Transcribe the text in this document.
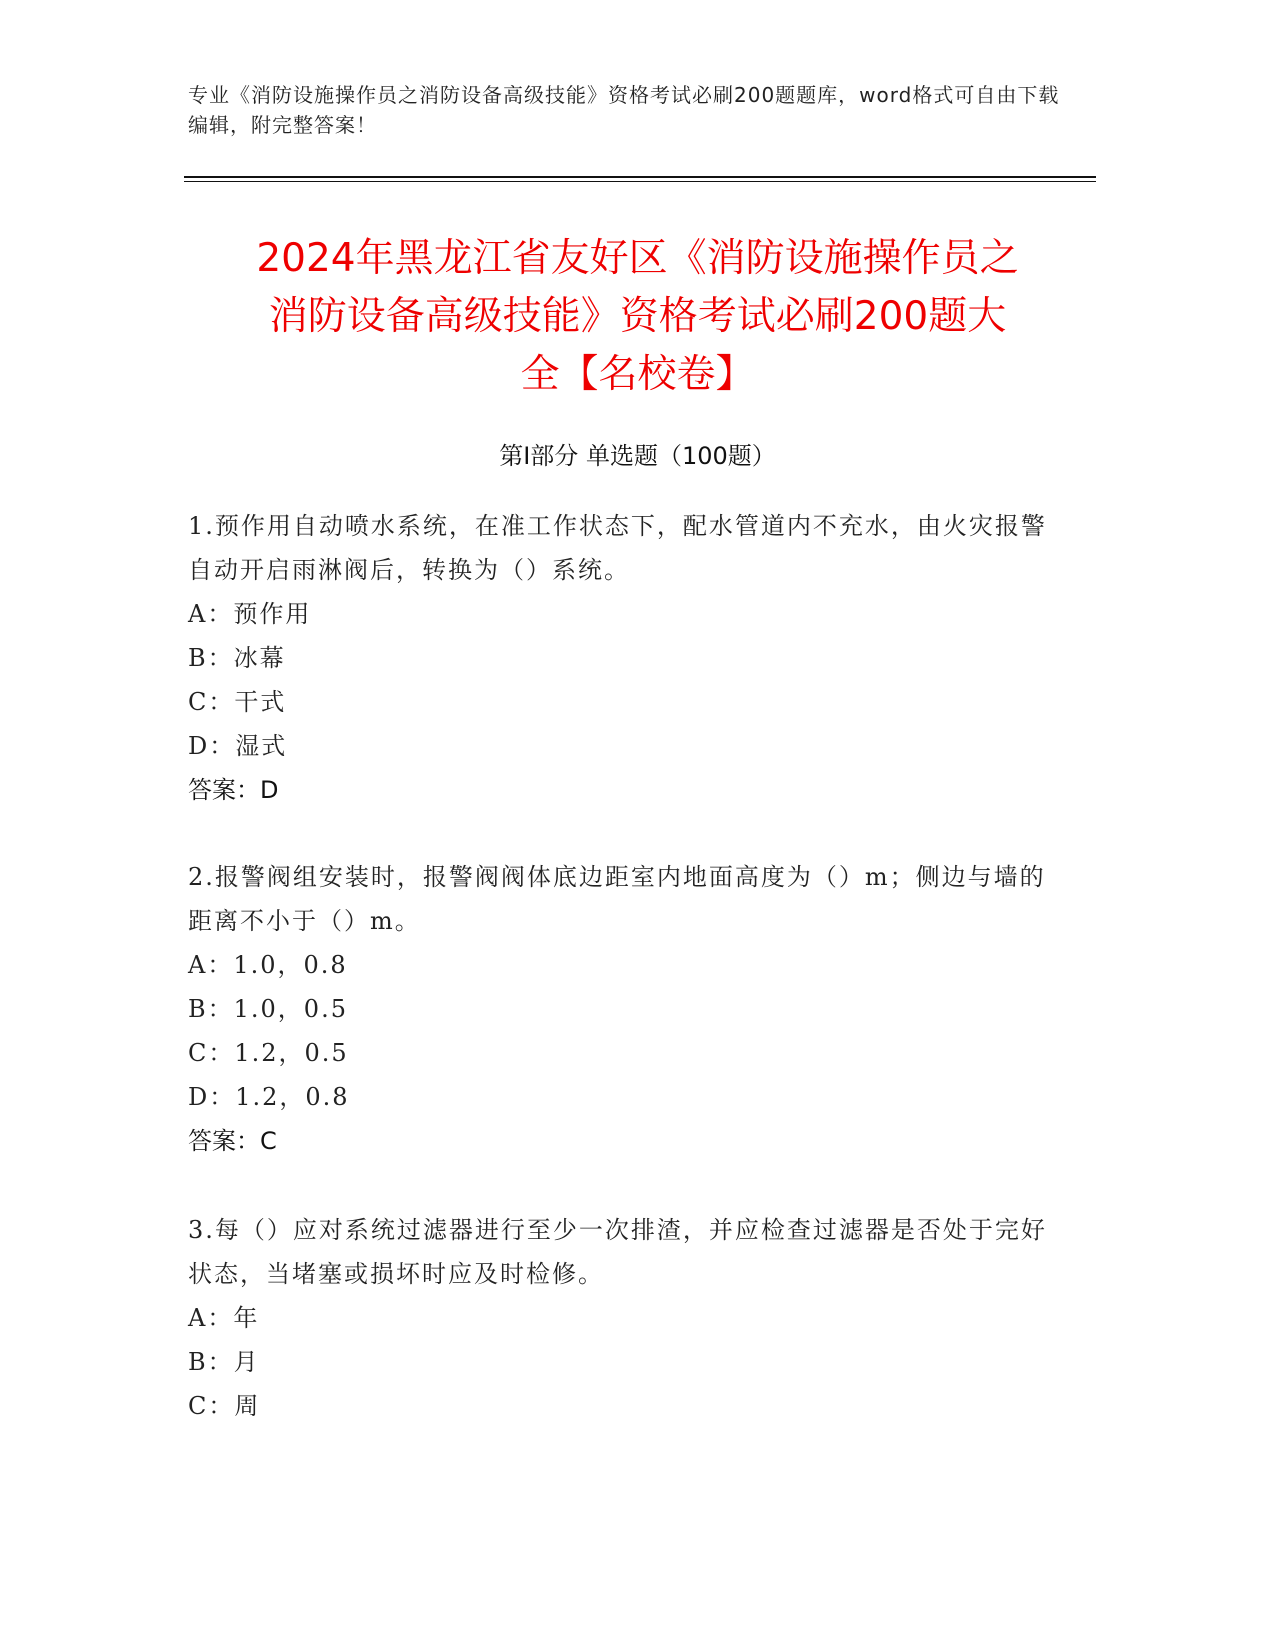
专业《消防设施操作员之消防设备高级技能》资格考试必刷200题题库，word格式可自由下载编辑，附完整答案！
2024年黑龙江省友好区《消防设施操作员之
消防设备高级技能》资格考试必刷200题大
全【名校卷】
第Ⅰ部分 单选题（100题）

1.预作用自动喷水系统，在准工作状态下，配水管道内不充水，由火灾报警自动开启雨淋阀后，转换为（）系统。

A：预作用

B：冰幕

C：干式

D：湿式

答案：D

2.报警阀组安装时，报警阀阀体底边距室内地面高度为（）m；侧边与墙的距离不小于（）m。

A：1.0，0.8

B：1.0，0.5

C：1.2，0.5

D：1.2，0.8

答案：C

3.每（）应对系统过滤器进行至少一次排渣，并应检查过滤器是否处于完好状态，当堵塞或损坏时应及时检修。

A：年

B：月

C：周
